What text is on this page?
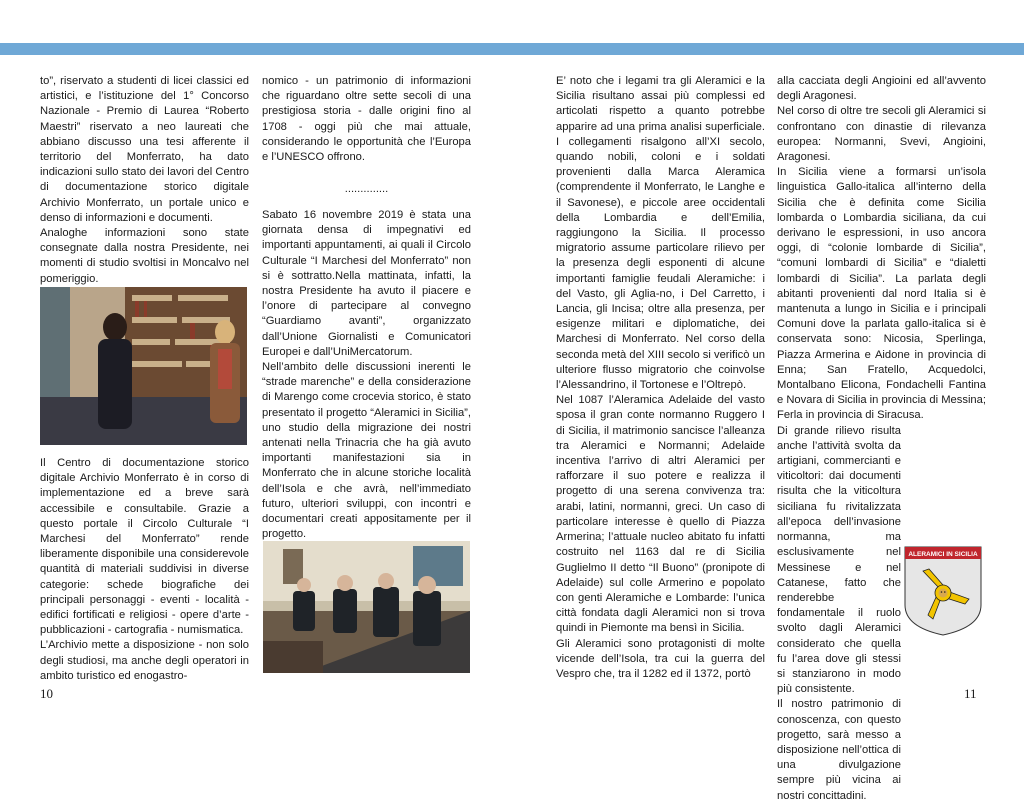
to”, riservato a studenti di licei classici ed artistici, e l’istituzione del 1° Concorso Nazionale - Premio di Laurea “Roberto Maestri” riservato a neo laureati che abbiano discusso una tesi afferente il territorio del Monferrato, ha dato indicazioni sullo stato dei lavori del Centro di documentazione storico digitale Archivio Monferrato, un portale unico e denso di informazioni e documenti.

Analoghe informazioni sono state consegnate dalla nostra Presidente, nei momenti di studio svoltisi in Moncalvo nel pomeriggio.

Il Centro di documentazione storico digitale Archivio Monferrato è in corso di implementazione ed a breve sarà accessibile e consultabile. Grazie a questo portale il Circolo Culturale “I Marchesi del Monferrato” rende liberamente disponibile una considerevole quantità di materiali suddivisi in diverse categorie: schede biografiche dei principali personaggi - eventi - località - edifici fortificati e religiosi - opere d’arte - pubblicazioni - cartografia - numismatica.

L’Archivio mette a disposizione - non solo degli studiosi, ma anche degli operatori in ambito turistico ed enogastro-

nomico - un patrimonio di informazioni che riguardano oltre sette secoli di una prestigiosa storia - dalle origini fino al 1708 - oggi più che mai attuale, considerando le opportunità che l’Europa e l’UNESCO offrono.

..............

Sabato 16 novembre 2019 è stata una giornata densa di impegnativi ed importanti appuntamenti, ai quali il Circolo Culturale “I Marchesi del Monferrato” non si è sottratto.Nella mattinata, infatti, la nostra Presidente ha avuto il piacere e l’onore di partecipare al convegno “Guardiamo avanti”, organizzato dall’Unione Giornalisti e Comunicatori Europei e dall’UniMercatorum.

Nell’ambito delle discussioni inerenti le “strade marenche” e della considerazione di Marengo come crocevia storico, è stato presentato il progetto “Aleramici in Sicilia”, uno studio della migrazione dei nostri antenati nella Trinacria che ha già avuto importanti manifestazioni sia in Monferrato che in alcune storiche località dell’Isola e che avrà, nell’immediato futuro, ulteriori sviluppi, con incontri e documentari creati appositamente per il progetto.

E’ noto che i legami tra gli Aleramici e la Sicilia risultano assai più complessi ed articolati rispetto a quanto potrebbe apparire ad una prima analisi superficiale. I collegamenti risalgono all’XI secolo, quando nobili, coloni e i soldati provenienti dalla Marca Aleramica (comprendente il Monferrato, le Langhe e il Savonese), e piccole aree occidentali della Lombardia e dell’Emilia, raggiungono la Sicilia. Il processo migratorio assume particolare rilievo per la presenza degli esponenti di alcune importanti famiglie feudali Aleramiche: i del Vasto, gli Aglia-no, i Del Carretto, i Lancia, gli Incisa; oltre alla presenza, per esigenze militari e diplomatiche, dei Marchesi di Monferrato. Nel corso della seconda metà del XIII secolo si verificò un ulteriore flusso migratorio che coinvolse l’Alessandrino, il Tortonese e l’Oltrepò.

Nel 1087 l’Aleramica Adelaide del vasto sposa il gran conte normanno Ruggero I di Sicilia, il matrimonio sancisce l’alleanza tra Aleramici e Normanni; Adelaide incentiva l’arrivo di altri Aleramici per rafforzare il suo potere e realizza il progetto di una serena convivenza tra: arabi, latini, normanni, greci. Un caso di particolare interesse è quello di Piazza Armerina; l’attuale nucleo abitato fu infatti costruito nel 1163 dal re di Sicilia Guglielmo II detto “Il Buono” (pronipote di Adelaide) sul colle Armerino e popolato con genti Aleramiche e Lombarde: l’unica città fondata dagli Aleramici non si trova quindi in Piemonte ma bensì in Sicilia.

Gli Aleramici sono protagonisti di molte vicende dell’Isola, tra cui la guerra del Vespro che, tra il 1282 ed il 1372, portò

alla cacciata degli Angioini ed all’avvento degli Aragonesi.

Nel corso di oltre tre secoli gli Aleramici si confrontano con dinastie di rilevanza europea: Normanni, Svevi, Angioini, Aragonesi.

In Sicilia viene a formarsi un’isola linguistica Gallo-italica all’interno della Sicilia che è definita come Sicilia lombarda o Lombardia siciliana, da cui derivano le espressioni, in uso ancora oggi, di “colonie lombarde di Sicilia”, “comuni lombardi di Sicilia” e “dialetti lombardi di Sicilia”. La parlata degli abitanti provenienti dal nord Italia si è mantenuta a lungo in Sicilia e i principali Comuni dove la parlata gallo-italica si è conservata sono: Nicosia, Sperlinga, Piazza Armerina e Aidone in provincia di Enna; San Fratello, Acquedolci, Montalbano Elicona, Fondachelli Fantina e Novara di Sicilia in provincia di Messina; Ferla in provincia di Siracusa.

Di grande rilievo risulta anche l’attività svolta da artigiani, commercianti e viticoltori: dai documenti risulta che la viticoltura siciliana fu rivitalizzata all’epoca dell’invasione normanna, ma esclusivamente nel Messinese e nel Catanese, fatto che renderebbe fondamentale il ruolo svolto dagli Aleramici considerato che quella fu l’area dove gli stessi si stanziarono in modo più consistente.

Il nostro patrimonio di conoscenza, con questo progetto, sarà messo a disposizione nell’ottica di una divulgazione sempre più vicina ai nostri concittadini.

ALERAMICI IN SICILIA
10	11
